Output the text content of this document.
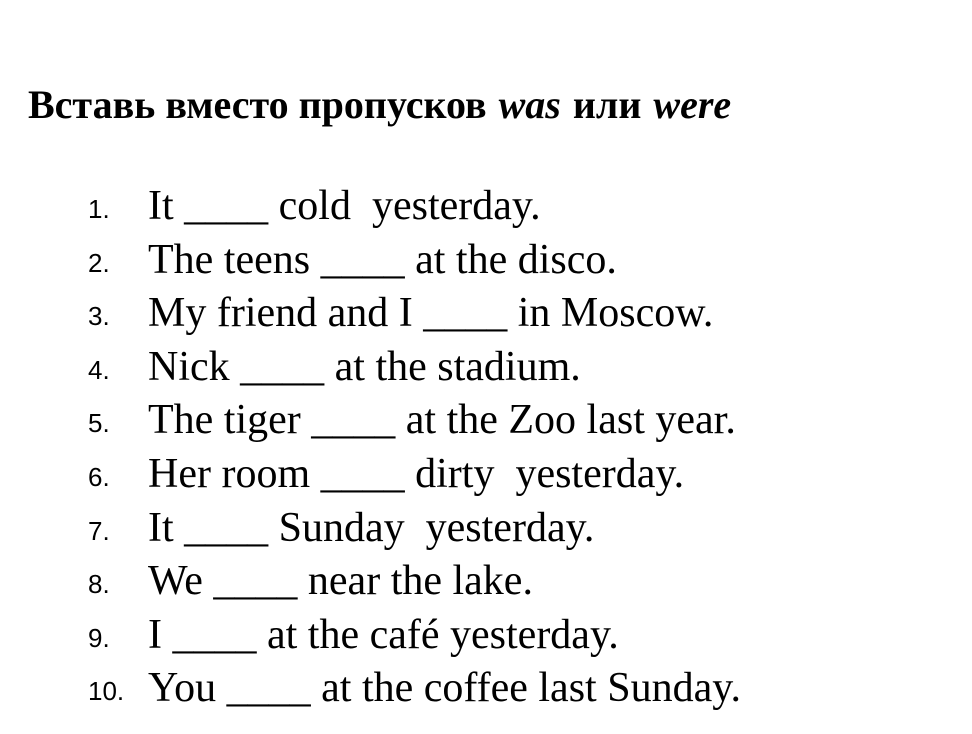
Вставь вместо пропусков was или were
1. It ____ cold  yesterday.
2. The teens ____ at the disco.
3. My friend and I ____ in Moscow.
4. Nick ____ at the stadium.
5. The tiger ____ at the Zoo last year.
6. Her room ____ dirty  yesterday.
7. It ____ Sunday  yesterday.
8. We ____ near the lake.
9. I ____ at the café yesterday.
10. You ____ at the coffee last Sunday.
